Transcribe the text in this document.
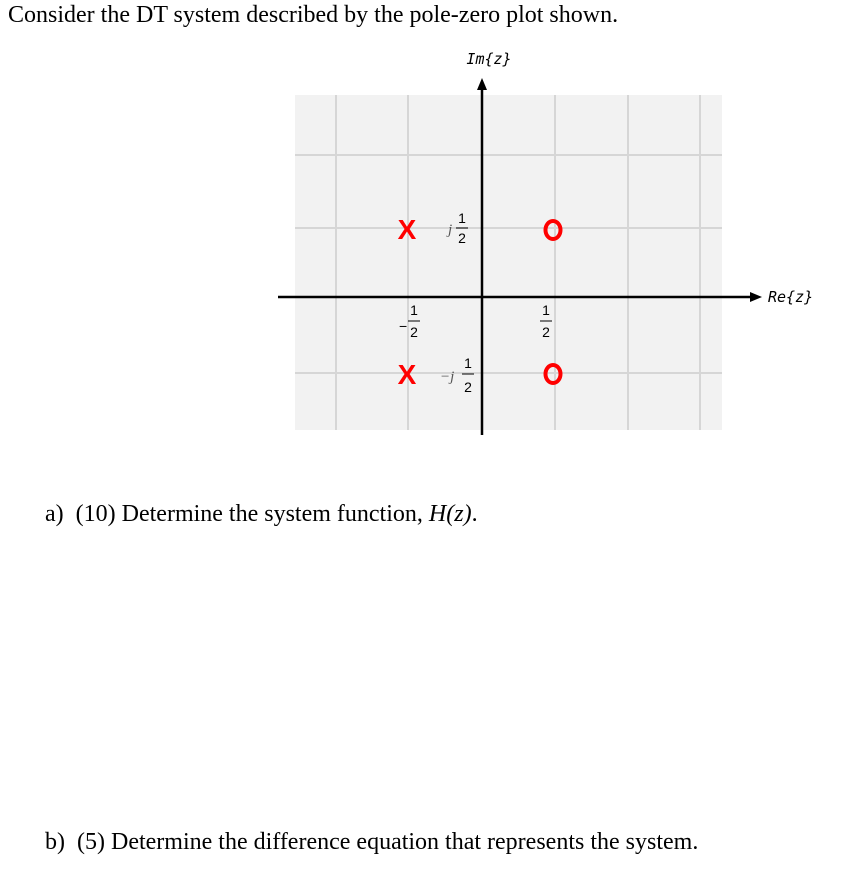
Consider the DT system described by the pole-zero plot shown.
Im{z}
Re{z}
X
X
−
1
2
1
2
j
1
2
−j
1
2
a) (10) Determine the system function, H(z).
b) (5) Determine the difference equation that represents the system.
